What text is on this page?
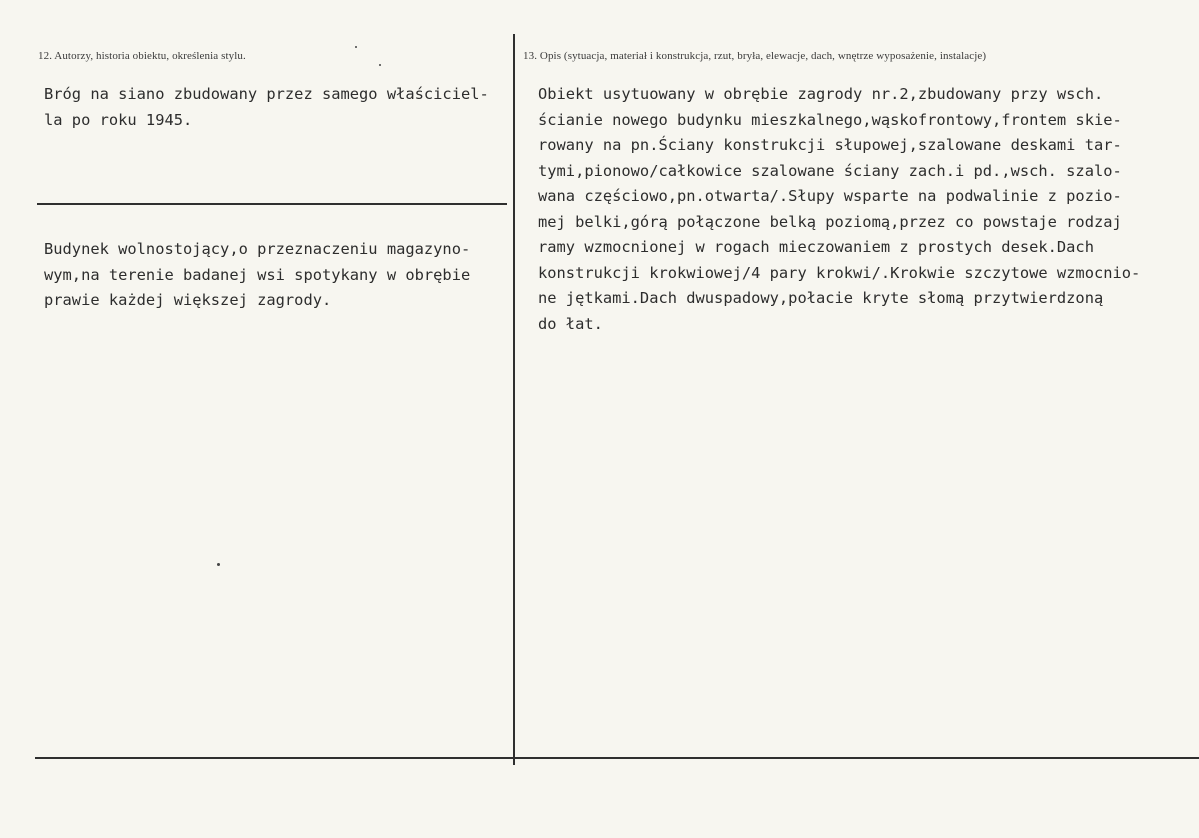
12. Autorzy, historia obiektu, określenia stylu.	13. Opis (sytuacja, materiał i konstrukcja, rzut, bryła, elewacje, dach, wnętrze wyposażenie, instalacje)
Bróg na siano zbudowany przez samego właściciel-
la po roku 1945.
Budynek wolnostojący,o przeznaczeniu magazyno-
wym,na terenie badanej wsi spotykany w obrębie
prawie każdej większej zagrody.
Obiekt usytuowany w obrębie zagrody nr.2,zbudowany przy wsch.
ścianie nowego budynku mieszkalnego,wąskofrontowy,frontem skie-
rowany na pn.Ściany konstrukcji słupowej,szalowane deskami tar-
tymi,pionowo/całkowice szalowane ściany zach.i pd.,wsch. szalo-
wana częściowo,pn.otwarta/.Słupy wsparte na podwalinie z pozio-
mej belki,górą połączone belką poziomą,przez co powstaje rodzaj
ramy wzmocnionej w rogach mieczowaniem z prostych desek.Dach
konstrukcji krokwiowej/4 pary krokwi/.Krokwie szczytowe wzmocnio-
ne jętkami.Dach dwuspadowy,połacie kryte słomą przytwierdzoną
do łat.
